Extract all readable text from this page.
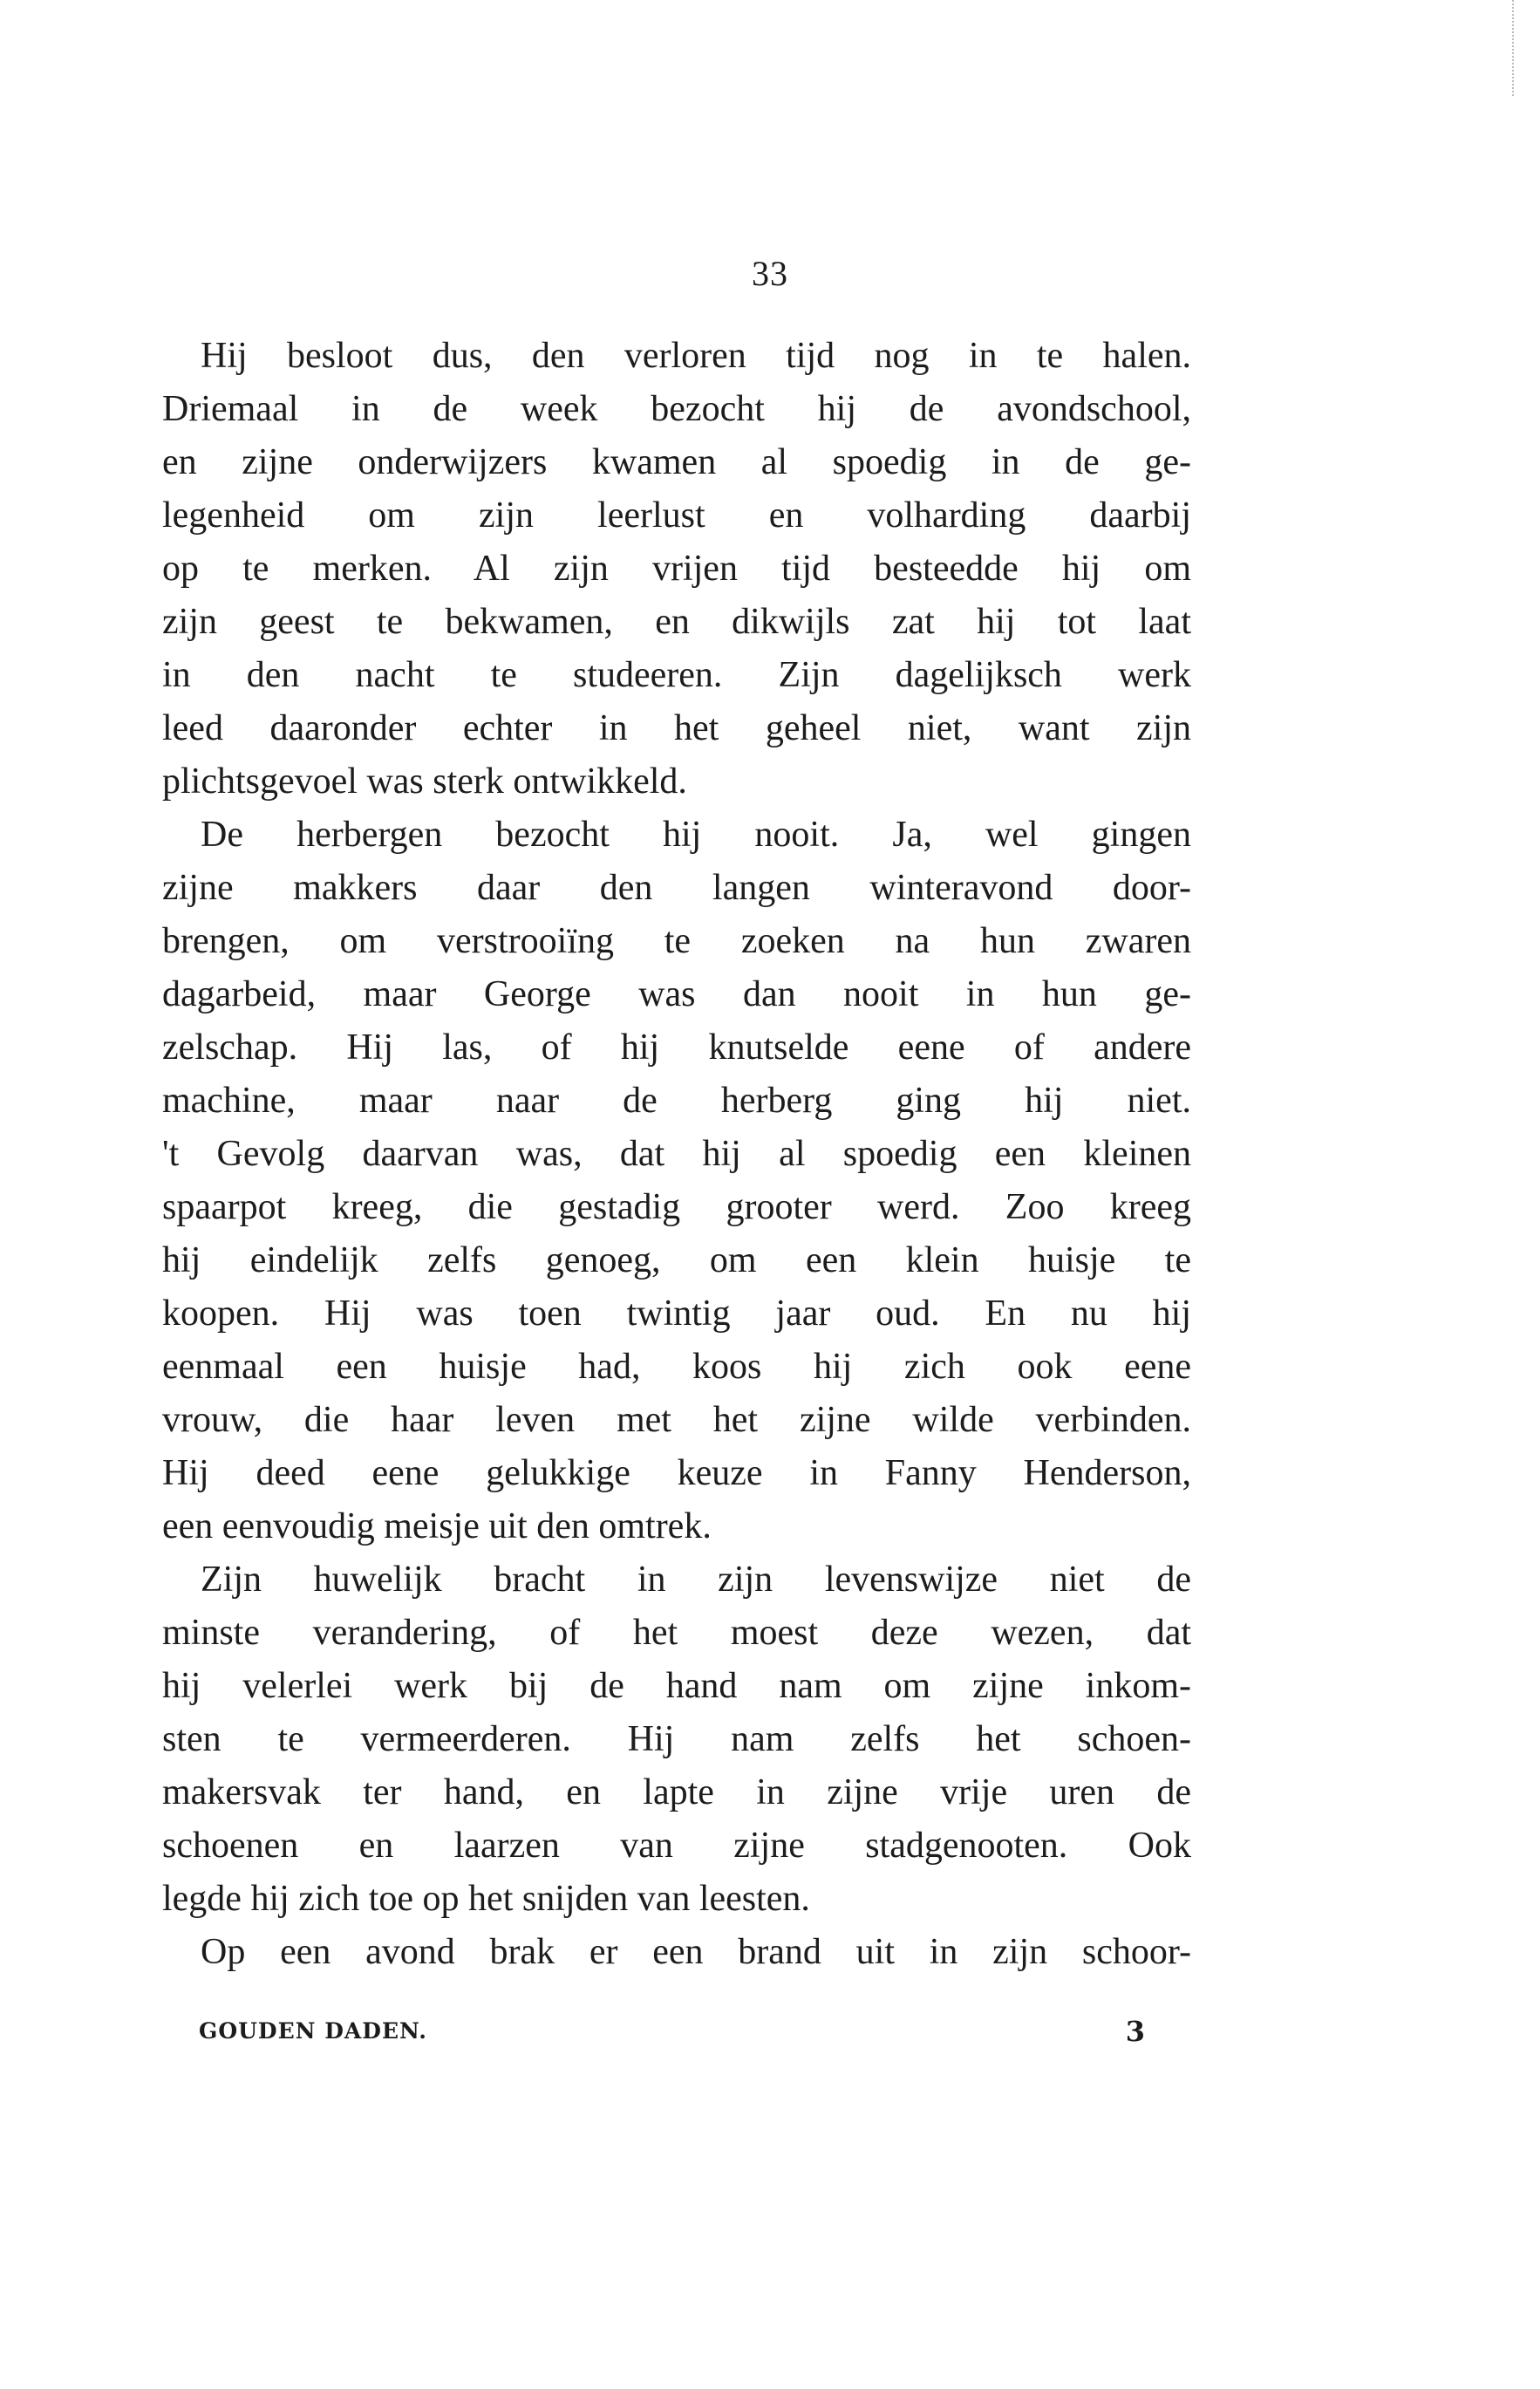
33
Hij besloot dus, den verloren tijd nog in te halen.
Driemaal in de week bezocht hij de avondschool,
en zijne onderwijzers kwamen al spoedig in de ge-
legenheid om zijn leerlust en volharding daarbij
op te merken. Al zijn vrijen tijd besteedde hij om
zijn geest te bekwamen, en dikwijls zat hij tot laat
in den nacht te studeeren. Zijn dagelijksch werk
leed daaronder echter in het geheel niet, want zijn
plichtsgevoel was sterk ontwikkeld.
De herbergen bezocht hij nooit. Ja, wel gingen
zijne makkers daar den langen winteravond door-
brengen, om verstrooiïng te zoeken na hun zwaren
dagarbeid, maar George was dan nooit in hun ge-
zelschap. Hij las, of hij knutselde eene of andere
machine, maar naar de herberg ging hij niet.
't Gevolg daarvan was, dat hij al spoedig een kleinen
spaarpot kreeg, die gestadig grooter werd. Zoo kreeg
hij eindelijk zelfs genoeg, om een klein huisje te
koopen. Hij was toen twintig jaar oud. En nu hij
eenmaal een huisje had, koos hij zich ook eene
vrouw, die haar leven met het zijne wilde verbinden.
Hij deed eene gelukkige keuze in Fanny Henderson,
een eenvoudig meisje uit den omtrek.
Zijn huwelijk bracht in zijn levenswijze niet de
minste verandering, of het moest deze wezen, dat
hij velerlei werk bij de hand nam om zijne inkom-
sten te vermeerderen. Hij nam zelfs het schoen-
makersvak ter hand, en lapte in zijne vrije uren de
schoenen en laarzen van zijne stadgenooten. Ook
legde hij zich toe op het snijden van leesten.
Op een avond brak er een brand uit in zijn schoor-
GOUDEN DADEN.	3
